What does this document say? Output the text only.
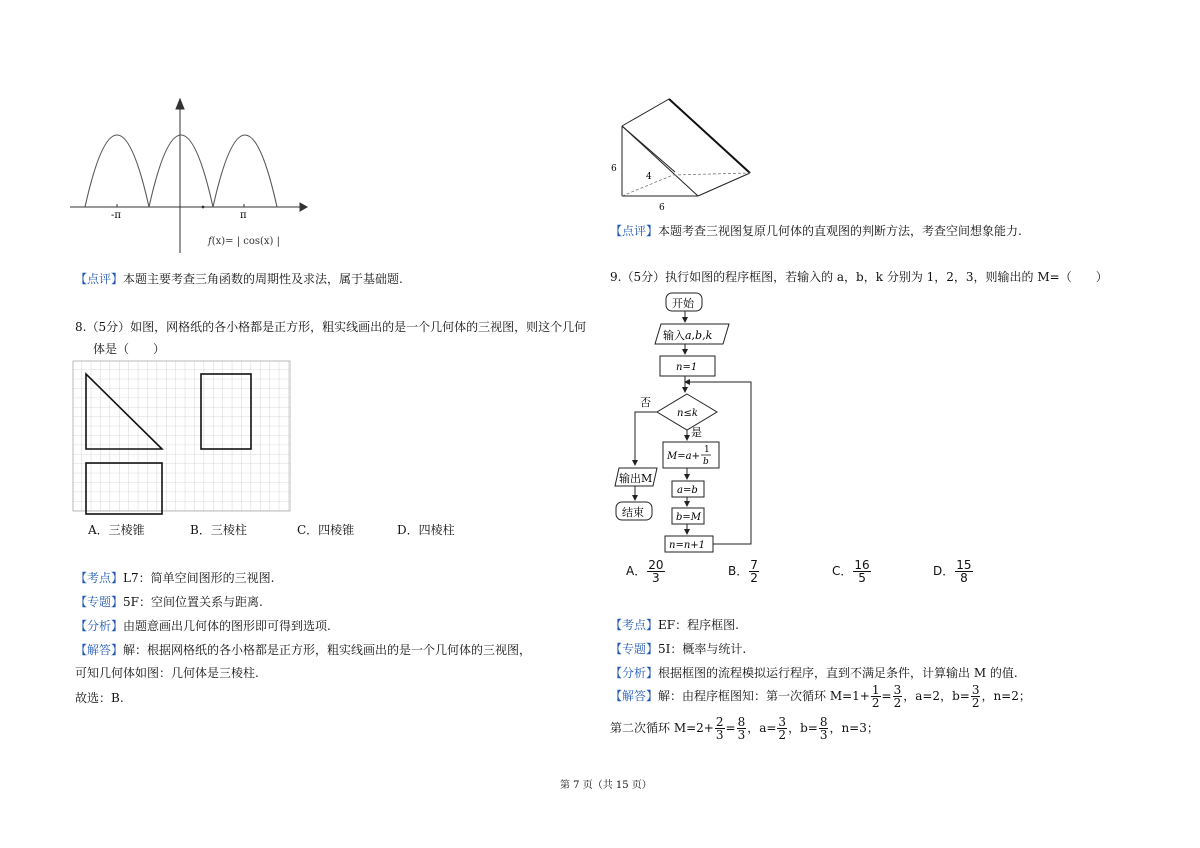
-π	π
f(x)= | cos(x) |
【点评】本题主要考查三角函数的周期性及求法，属于基础题.
8.（5分）如图，网格纸的各小格都是正方形，粗实线画出的是一个几何体的三视图，则这个几何
体是（　　）
A．三棱锥	B．三棱柱	C．四棱锥	D．四棱柱
【考点】L7：简单空间图形的三视图.
【专题】5F：空间位置关系与距离.
【分析】由题意画出几何体的图形即可得到选项.
【解答】解：根据网格纸的各小格都是正方形，粗实线画出的是一个几何体的三视图，
可知几何体如图：几何体是三棱柱.
故选：B.
6
4
6
【点评】本题考查三视图复原几何体的直观图的判断方法，考查空间想象能力.
9.（5分）执行如图的程序框图，若输入的 a，b，k 分别为 1，2，3，则输出的 M=（　　）
开始
输入a,b,k
n=1
n≤k
否
是
M=a+
1
b
a=b
b=M
n=n+1
输出M
结束
A． $\frac{20}{3}$	B． $\frac{7}{2}$	C． $\frac{16}{5}$	D． $\frac{15}{8}$
【考点】EF：程序框图.
【专题】5I：概率与统计.
【分析】根据框图的流程模拟运行程序，直到不满足条件，计算输出 M 的值.
【解答】解：由程序框图知：第一次循环 $M=1+ \frac{1}{2} = \frac{3}{2}$ ，a=2，$b= \frac{3}{2}$ ，n=2；
第二次循环 $M=2+ \frac{2}{3} = \frac{8}{3}$ ，$a= \frac{3}{2}$ ，$b= \frac{8}{3}$ ，n=3；
第 7 页（共 15 页）
